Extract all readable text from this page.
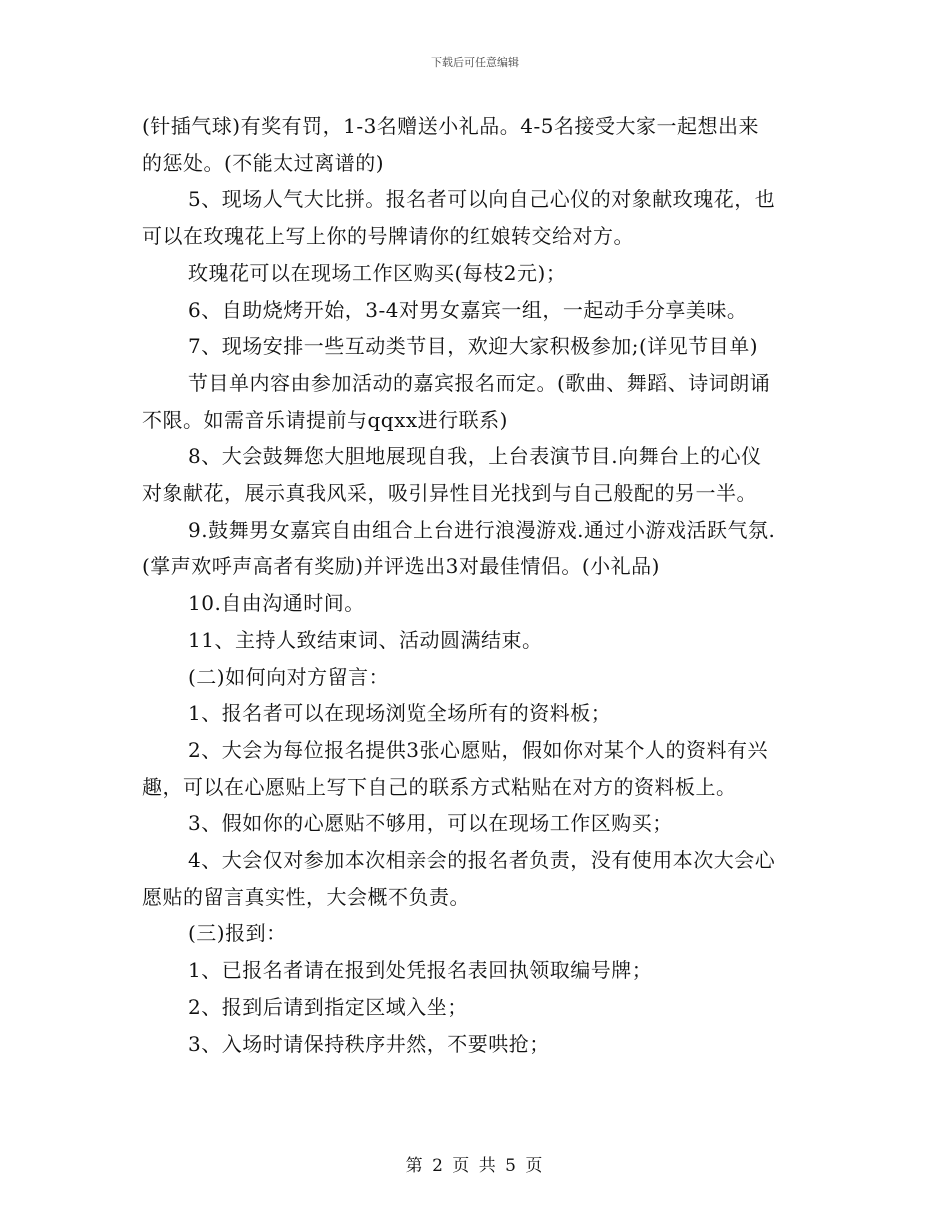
下载后可任意编辑
(针插气球)有奖有罚，1-3名赠送小礼品。4-5名接受大家一起想出来
的惩处。(不能太过离谱的)
5、现场人气大比拼。报名者可以向自己心仪的对象献玫瑰花，也
可以在玫瑰花上写上你的号牌请你的红娘转交给对方。
玫瑰花可以在现场工作区购买(每枝2元)；
6、自助烧烤开始，3-4对男女嘉宾一组，一起动手分享美味。
7、现场安排一些互动类节目，欢迎大家积极参加;(详见节目单)
节目单内容由参加活动的嘉宾报名而定。(歌曲、舞蹈、诗词朗诵
不限。如需音乐请提前与qqxx进行联系)
8、大会鼓舞您大胆地展现自我，上台表演节目.向舞台上的心仪
对象献花，展示真我风采，吸引异性目光找到与自己般配的另一半。
9.鼓舞男女嘉宾自由组合上台进行浪漫游戏.通过小游戏活跃气氛.
(掌声欢呼声高者有奖励)并评选出3对最佳情侣。(小礼品)
10.自由沟通时间。
11、主持人致结束词、活动圆满结束。
(二)如何向对方留言：
1、报名者可以在现场浏览全场所有的资料板；
2、大会为每位报名提供3张心愿贴，假如你对某个人的资料有兴
趣，可以在心愿贴上写下自己的联系方式粘贴在对方的资料板上。
3、假如你的心愿贴不够用，可以在现场工作区购买；
4、大会仅对参加本次相亲会的报名者负责，没有使用本次大会心
愿贴的留言真实性，大会概不负责。
(三)报到：
1、已报名者请在报到处凭报名表回执领取编号牌；
2、报到后请到指定区域入坐；
3、入场时请保持秩序井然，不要哄抢；
第 2 页 共 5 页
